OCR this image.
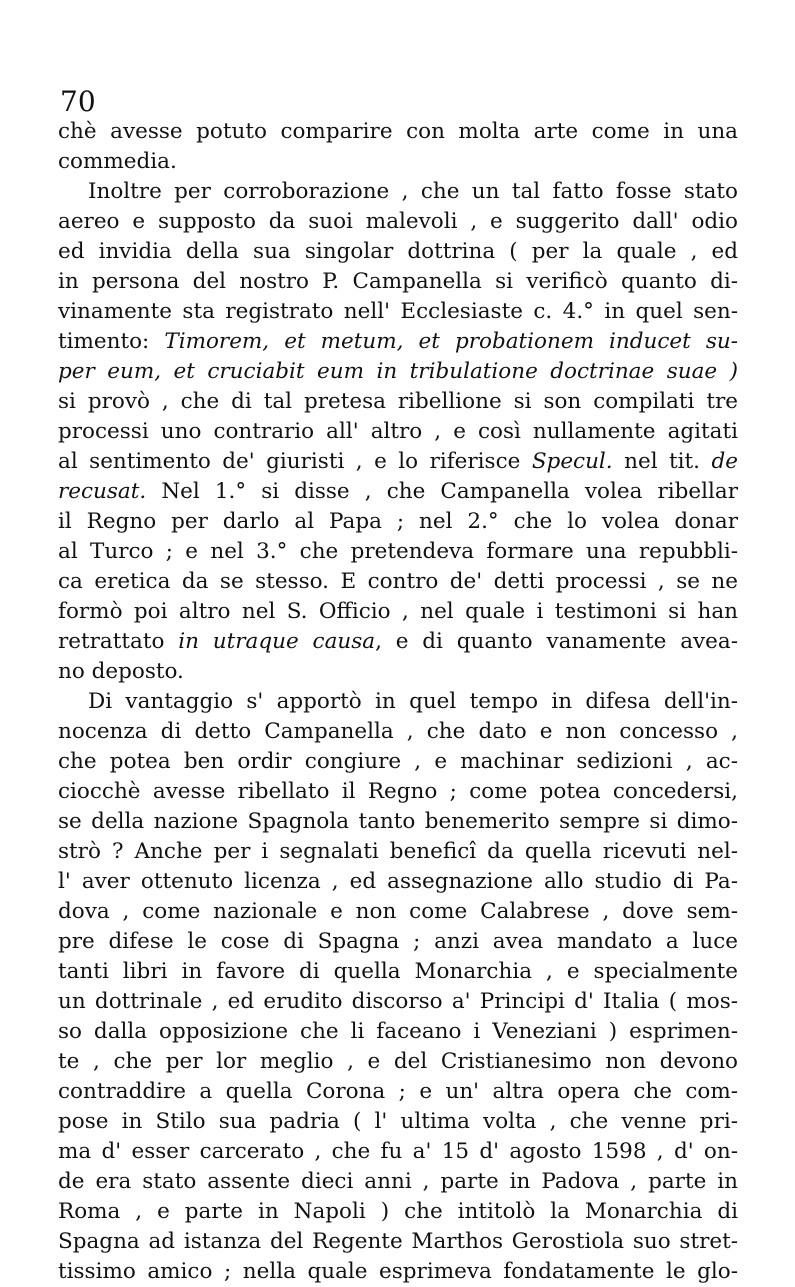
70
chè avesse potuto comparire con molta arte come in una
commedia.
Inoltre per corroborazione , che un tal fatto fosse stato
aereo e supposto da suoi malevoli , e suggerito dall' odio
ed invidia della sua singolar dottrina ( per la quale , ed
in persona del nostro P. Campanella si verificò quanto di-
vinamente sta registrato nell' Ecclesiaste c. 4.° in quel sen-
timento: Timorem, et metum, et probationem inducet su-
per eum, et cruciabit eum in tribulatione doctrinae suae )
si provò , che di tal pretesa ribellione si son compilati tre
processi uno contrario all' altro , e così nullamente agitati
al sentimento de' giuristi , e lo riferisce Specul. nel tit. de
recusat. Nel 1.° si disse , che Campanella volea ribellar
il Regno per darlo al Papa ; nel 2.° che lo volea donar
al Turco ; e nel 3.° che pretendeva formare una repubbli-
ca eretica da se stesso. E contro de' detti processi , se ne
formò poi altro nel S. Officio , nel quale i testimoni si han
retrattato in utraque causa, e di quanto vanamente avea-
no deposto.
Di vantaggio s' apportò in quel tempo in difesa dell'in-
nocenza di detto Campanella , che dato e non concesso ,
che potea ben ordir congiure , e machinar sedizioni , ac-
ciocchè avesse ribellato il Regno ; come potea concedersi,
se della nazione Spagnola tanto benemerito sempre si dimo-
strò ? Anche per i segnalati beneficî da quella ricevuti nel-
l' aver ottenuto licenza , ed assegnazione allo studio di Pa-
dova , come nazionale e non come Calabrese , dove sem-
pre difese le cose di Spagna ; anzi avea mandato a luce
tanti libri in favore di quella Monarchia , e specialmente
un dottrinale , ed erudito discorso a' Principi d' Italia ( mos-
so dalla opposizione che li faceano i Veneziani ) esprimen-
te , che per lor meglio , e del Cristianesimo non devono
contraddire a quella Corona ; e un' altra opera che com-
pose in Stilo sua padria ( l' ultima volta , che venne pri-
ma d' esser carcerato , che fu a' 15 d' agosto 1598 , d' on-
de era stato assente dieci anni , parte in Padova , parte in
Roma , e parte in Napoli ) che intitolò la Monarchia di
Spagna ad istanza del Regente Marthos Gerostiola suo stret-
tissimo amico ; nella quale esprimeva fondatamente le glo-
